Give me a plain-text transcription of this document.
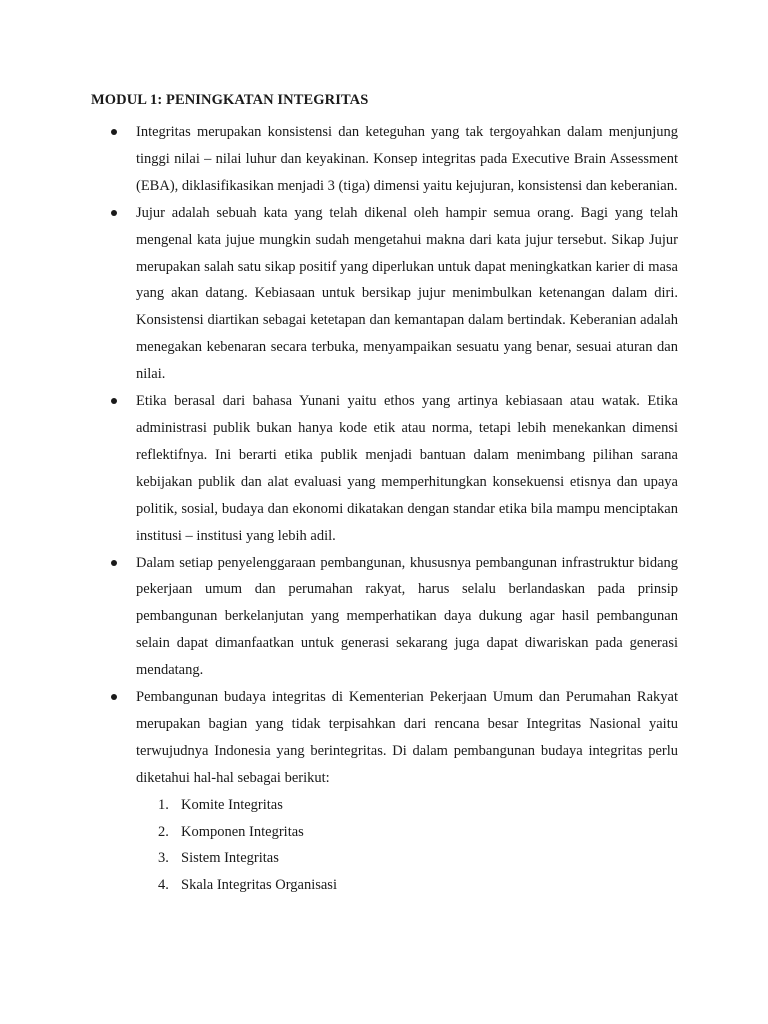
MODUL 1: PENINGKATAN INTEGRITAS
Integritas merupakan konsistensi dan keteguhan yang tak tergoyahkan dalam menjunjung tinggi nilai – nilai luhur dan keyakinan. Konsep integritas pada Executive Brain Assessment (EBA), diklasifikasikan menjadi 3 (tiga) dimensi yaitu kejujuran, konsistensi dan keberanian.
Jujur adalah sebuah kata yang telah dikenal oleh hampir semua orang. Bagi yang telah mengenal kata jujue mungkin sudah mengetahui makna dari kata jujur tersebut. Sikap Jujur merupakan salah satu sikap positif yang diperlukan untuk dapat meningkatkan karier di masa yang akan datang. Kebiasaan untuk bersikap jujur menimbulkan ketenangan dalam diri. Konsistensi diartikan sebagai ketetapan dan kemantapan dalam bertindak. Keberanian adalah menegakan kebenaran secara terbuka, menyampaikan sesuatu yang benar, sesuai aturan dan nilai.
Etika berasal dari bahasa Yunani yaitu ethos yang artinya kebiasaan atau watak. Etika administrasi publik bukan hanya kode etik atau norma, tetapi lebih menekankan dimensi reflektifnya. Ini berarti etika publik menjadi bantuan dalam menimbang pilihan sarana kebijakan publik dan alat evaluasi yang memperhitungkan konsekuensi etisnya dan upaya politik, sosial, budaya dan ekonomi dikatakan dengan standar etika bila mampu menciptakan institusi – institusi yang lebih adil.
Dalam setiap penyelenggaraan pembangunan, khususnya pembangunan infrastruktur bidang pekerjaan umum dan perumahan rakyat, harus selalu berlandaskan pada prinsip pembangunan berkelanjutan yang memperhatikan daya dukung agar hasil pembangunan selain dapat dimanfaatkan untuk generasi sekarang juga dapat diwariskan pada generasi mendatang.
Pembangunan budaya integritas di Kementerian Pekerjaan Umum dan Perumahan Rakyat merupakan bagian yang tidak terpisahkan dari rencana besar Integritas Nasional yaitu terwujudnya Indonesia yang berintegritas. Di dalam pembangunan budaya integritas perlu diketahui hal-hal sebagai berikut:
1. Komite Integritas
2. Komponen Integritas
3. Sistem Integritas
4. Skala Integritas Organisasi
